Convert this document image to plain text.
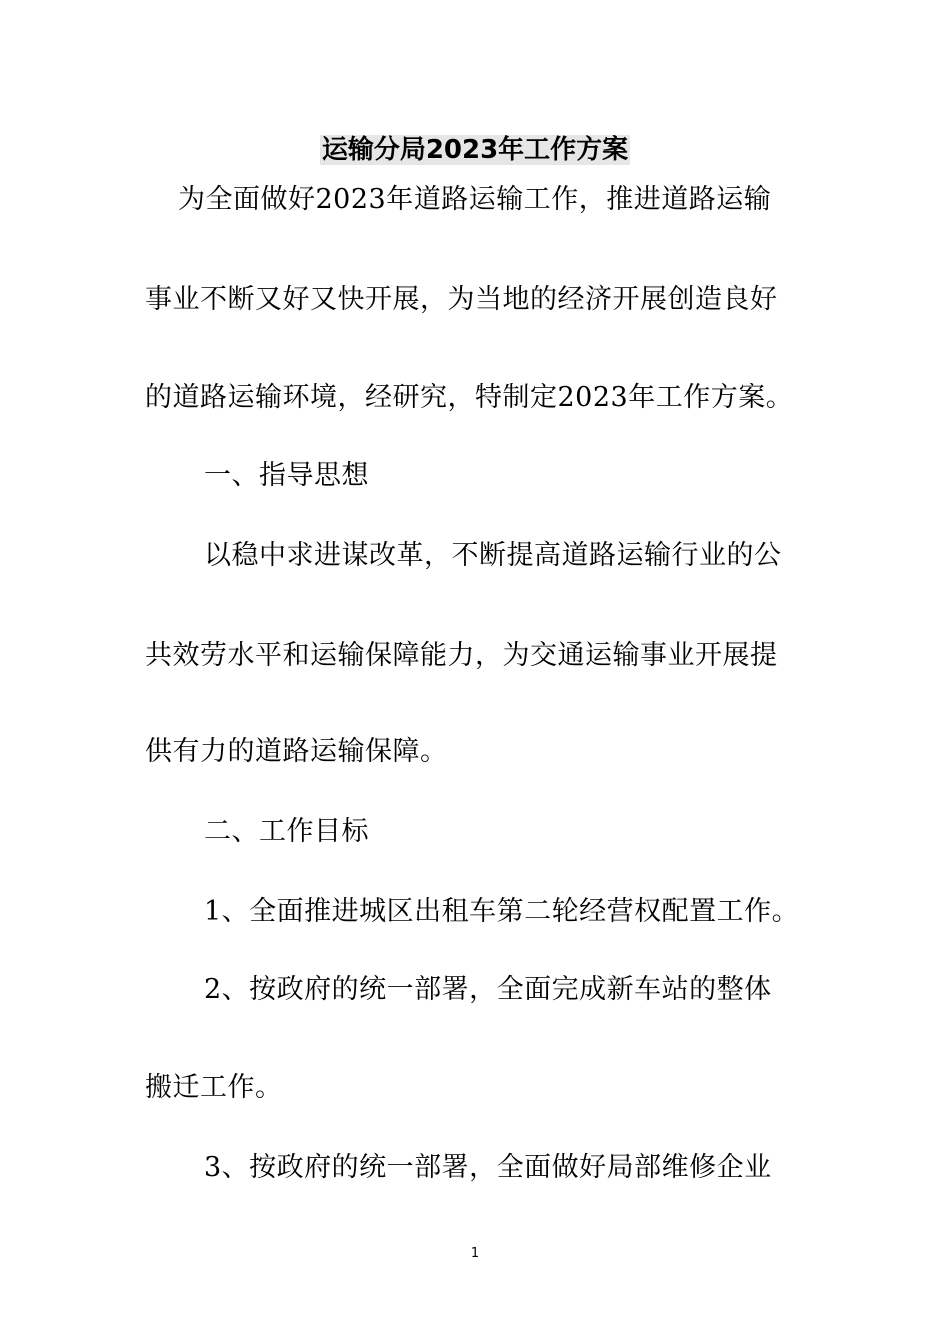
运输分局2023年工作方案
为全面做好2023年道路运输工作，推进道路运输
事业不断又好又快开展，为当地的经济开展创造良好
的道路运输环境，经研究，特制定2023年工作方案。
一、指导思想
以稳中求进谋改革，不断提高道路运输行业的公
共效劳水平和运输保障能力，为交通运输事业开展提
供有力的道路运输保障。
二、工作目标
1、全面推进城区出租车第二轮经营权配置工作。
2、按政府的统一部署，全面完成新车站的整体
搬迁工作。
3、按政府的统一部署，全面做好局部维修企业
1
